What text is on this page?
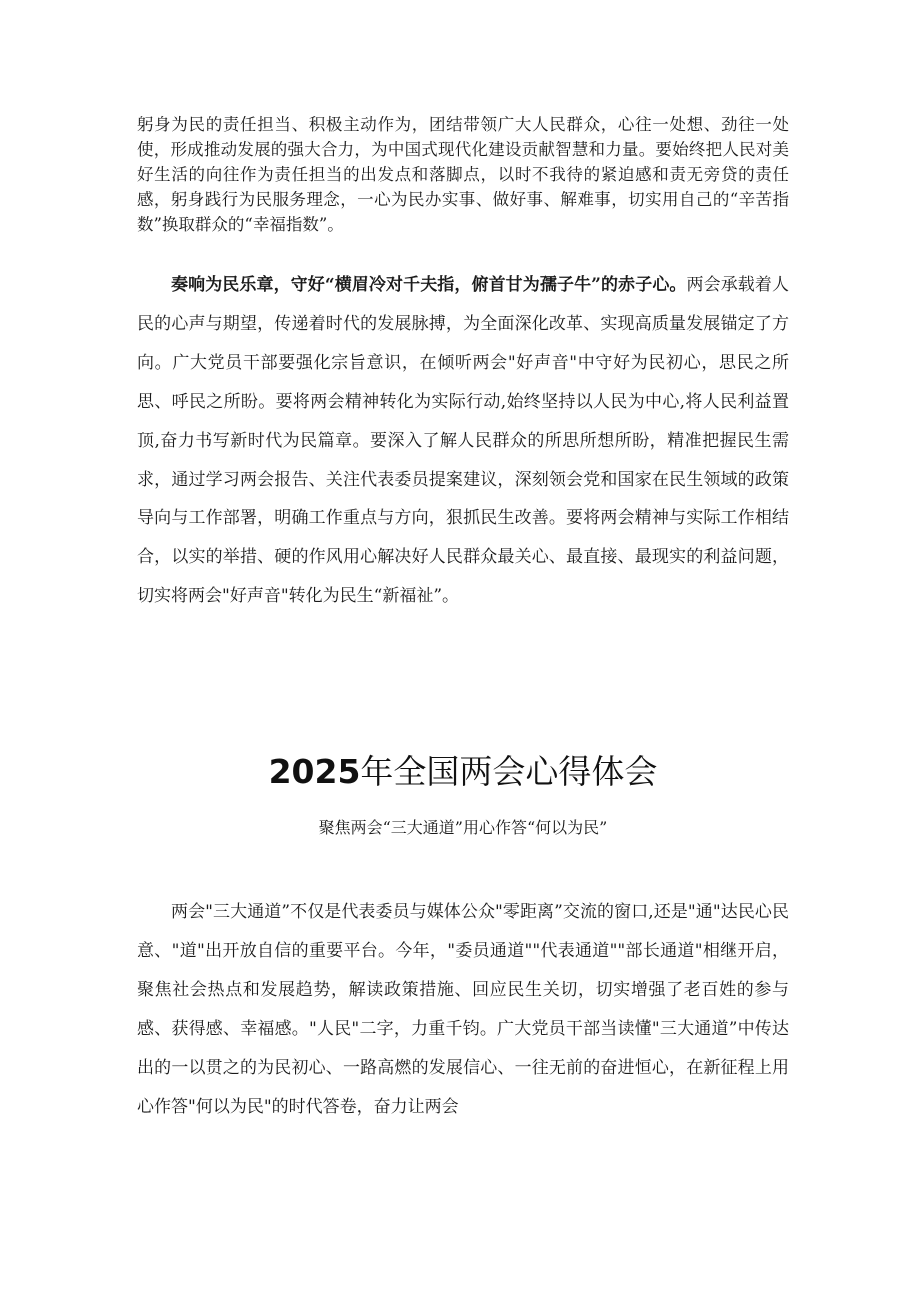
躬身为民的责任担当、积极主动作为，团结带领广大人民群众，心往一处想、劲往一处使，形成推动发展的强大合力，为中国式现代化建设贡献智慧和力量。要始终把人民对美好生活的向往作为责任担当的出发点和落脚点，以时不我待的紧迫感和责无旁贷的责任感，躬身践行为民服务理念，一心为民办实事、做好事、解难事，切实用自己的“辛苦指数”换取群众的“幸福指数”。

奏响为民乐章，守好“横眉冷对千夫指，俯首甘为孺子牛”的赤子心。两会承载着人民的心声与期望，传递着时代的发展脉搏，为全面深化改革、实现高质量发展锚定了方向。广大党员干部要强化宗旨意识，在倾听两会"好声音"中守好为民初心，思民之所思、呼民之所盼。要将两会精神转化为实际行动,始终坚持以人民为中心,将人民利益置顶,奋力书写新时代为民篇章。要深入了解人民群众的所思所想所盼，精准把握民生需求，通过学习两会报告、关注代表委员提案建议，深刻领会党和国家在民生领域的政策导向与工作部署，明确工作重点与方向，狠抓民生改善。要将两会精神与实际工作相结合，以实的举措、硬的作风用心解决好人民群众最关心、最直接、最现实的利益问题，切实将两会"好声音"转化为民生“新福祉”。

2025年全国两会心得体会

聚焦两会“三大通道”用心作答“何以为民”

两会"三大通道”不仅是代表委员与媒体公众"零距离”交流的窗口,还是"通"达民心民意、"道"出开放自信的重要平台。今年，"委员通道""代表通道""部长通道"相继开启，聚焦社会热点和发展趋势，解读政策措施、回应民生关切，切实增强了老百姓的参与感、获得感、幸福感。"人民"二字，力重千钧。广大党员干部当读懂"三大通道”中传达出的一以贯之的为民初心、一路高燃的发展信心、一往无前的奋进恒心，在新征程上用心作答"何以为民"的时代答卷，奋力让两会
